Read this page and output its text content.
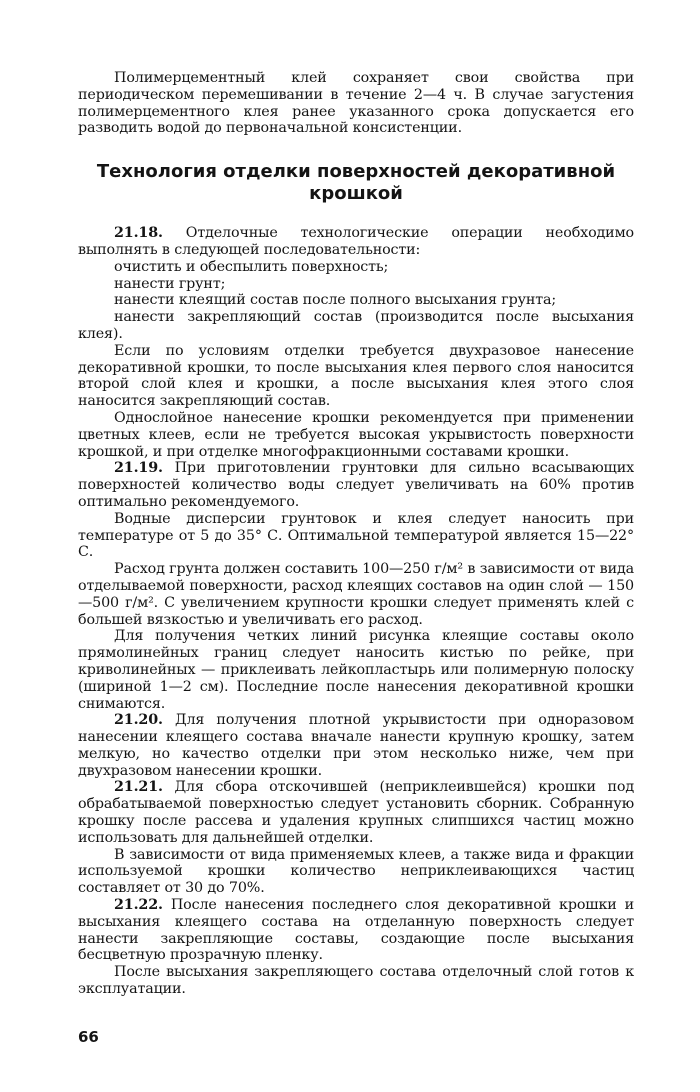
Полимерцементный клей сохраняет свои свойства при периодическом перемешивании в течение 2—4 ч. В случае загустения полимерцементного клея ранее указанного срока допускается его разводить водой до первоначальной консистенции.

Технология отделки поверхностей декоративной крошкой

21.18. Отделочные технологические операции необходимо выполнять в следующей последовательности:

очистить и обеспылить поверхность;

нанести грунт;

нанести клеящий состав после полного высыхания грунта;

нанести закрепляющий состав (производится после высыхания клея).

Если по условиям отделки требуется двухразовое нанесение декоративной крошки, то после высыхания клея первого слоя наносится второй слой клея и крошки, а после высыхания клея этого слоя наносится закрепляющий состав.

Однослойное нанесение крошки рекомендуется при применении цветных клеев, если не требуется высокая укрывистость поверхности крошкой, и при отделке многофракционными составами крошки.

21.19. При приготовлении грунтовки для сильно всасывающих поверхностей количество воды следует увеличивать на 60% против оптимально рекомендуемого.

Водные дисперсии грунтовок и клея следует наносить при температуре от 5 до 35° С. Оптимальной температурой является 15—22° С.

Расход грунта должен составить 100—250 г/м² в зависимости от вида отделываемой поверхности, расход клеящих составов на один слой — 150—500 г/м². С увеличением крупности крошки следует применять клей с большей вязкостью и увеличивать его расход.

Для получения четких линий рисунка клеящие составы около прямолинейных границ следует наносить кистью по рейке, при криволинейных — приклеивать лейкопластырь или полимерную полоску (шириной 1—2 см). Последние после нанесения декоративной крошки снимаются.

21.20. Для получения плотной укрывистости при одноразовом нанесении клеящего состава вначале нанести крупную крошку, затем мелкую, но качество отделки при этом несколько ниже, чем при двухразовом нанесении крошки.

21.21. Для сбора отскочившей (неприклеившейся) крошки под обрабатываемой поверхностью следует установить сборник. Собранную крошку после рассева и удаления крупных слипшихся частиц можно использовать для дальнейшей отделки.

В зависимости от вида применяемых клеев, а также вида и фракции используемой крошки количество неприклеивающихся частиц составляет от 30 до 70%.

21.22. После нанесения последнего слоя декоративной крошки и высыхания клеящего состава на отделанную поверхность следует нанести закрепляющие составы, создающие после высыхания бесцветную прозрачную пленку.

После высыхания закрепляющего состава отделочный слой готов к эксплуатации.

66
